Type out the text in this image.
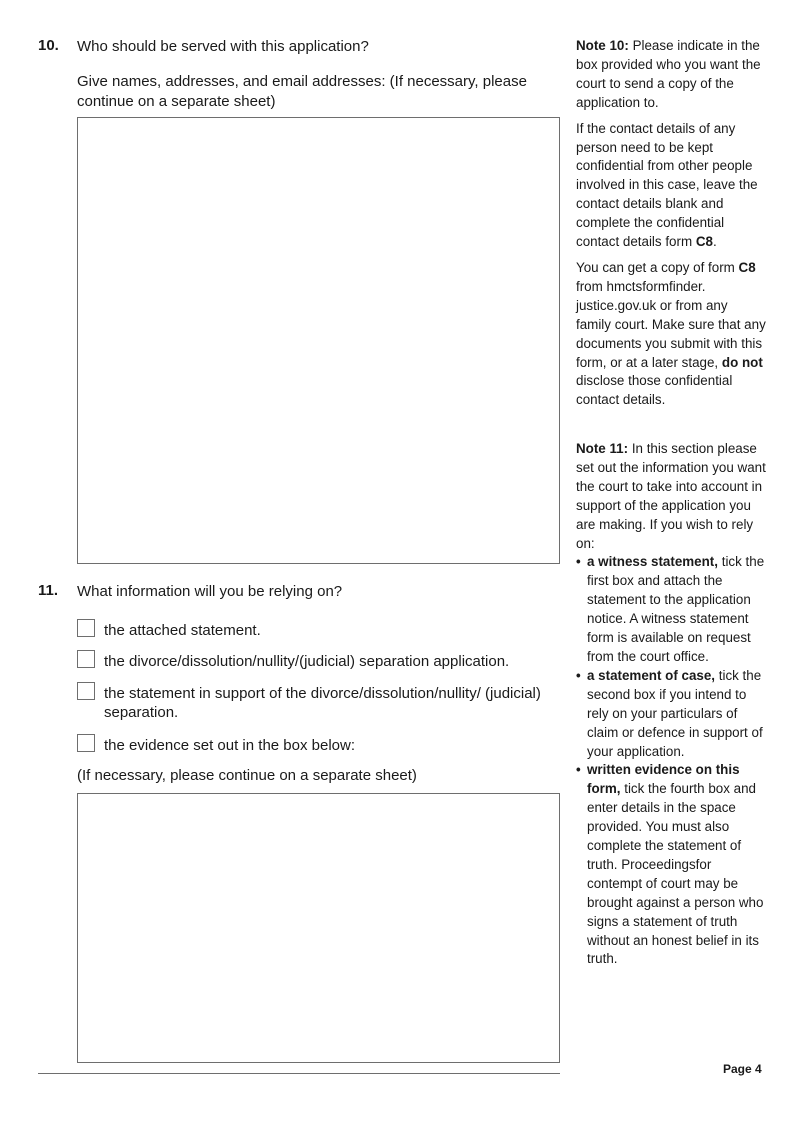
10. Who should be served with this application?
Give names, addresses, and email addresses: (If necessary, please continue on a separate sheet)
11. What information will you be relying on?
the attached statement.
the divorce/dissolution/nullity/(judicial) separation application.
the statement in support of the divorce/dissolution/nullity/ (judicial) separation.
the evidence set out in the box below:
(If necessary, please continue on a separate sheet)

Note 10: Please indicate in the box provided who you want the court to send a copy of the application to.

If the contact details of any person need to be kept confidential from other people involved in this case, leave the contact details blank and complete the confidential contact details form C8.

You can get a copy of form C8 from hmctsformfinder. justice.gov.uk or from any family court. Make sure that any documents you submit with this form, or at a later stage, do not disclose those confidential contact details.

Note 11: In this section please set out the information you want the court to take into account in support of the application you are making. If you wish to rely on:

• a witness statement, tick the first box and attach the statement to the application notice. A witness statement form is available on request from the court office.
• a statement of case, tick the second box if you intend to rely on your particulars of claim or defence in support of your application.
• written evidence on this form, tick the fourth box and enter details in the space provided. You must also complete the statement of truth. Proceedingsfor contempt of court may be brought against a person who signs a statement of truth without an honest belief in its truth.
Page 4
